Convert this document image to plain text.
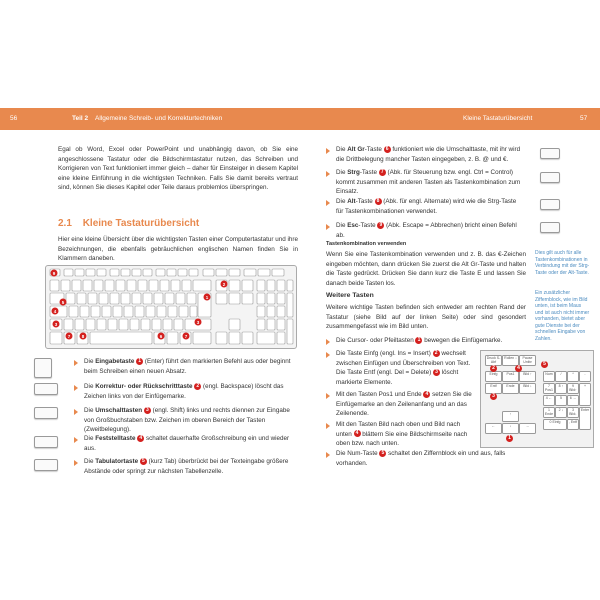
56	Teil 2 Allgemeine Schreib- und Korrekturtechniken	Kleine Tastaturübersicht	57
Egal ob Word, Excel oder PowerPoint und unabhängig davon, ob Sie eine angeschlossene Tastatur oder die Bildschirmtastatur nutzen, das Schreiben und Korrigieren von Text funktioniert immer gleich – daher für Einsteiger in diesem Kapitel eine kleine Einführung in die wichtigsten Techniken. Falls Sie damit bereits vertraut sind, können Sie dieses Kapitel oder Teile daraus problemlos überspringen.
2.1 Kleine Tastaturübersicht
Hier eine kleine Übersicht über die wichtigsten Tasten einer Computertastatur und ihre Bezeichnungen, die ebenfalls gebräuchlichen englischen Namen finden Sie in Klammern daneben.
9
2
1
5
4
3
3
7	8	6	7
Die Eingabetaste 1 (Enter) führt den markierten Befehl aus oder beginnt beim Schreiben einen neuen Absatz.
Die Korrektur- oder Rückschritttaste 2 (engl. Backspace) löscht das Zeichen links von der Einfügemarke.
Die Umschalttasten 3 (engl. Shift) links und rechts diennen zur Eingabe von Großbuchstaben bzw. Zeichen im oberen Bereich der Tasten (Zweitbelegung).
Die Feststelltaste 4 schaltet dauerhafte Großschreibung ein und wieder aus.
Die Tabulatortaste 5 (kurz Tab) überbrückt bei der Texteingabe größere Abstände oder springt zur nächsten Tabellenzelle.
Die Alt Gr-Taste 6 funktioniert wie die Umschalttaste, mit ihr wird die Drittbelegung mancher Tasten eingegeben, z. B. @ und €.
Die Strg-Taste 7 (Abk. für Steuerung bzw. engl. Ctrl = Control) kommt zusammen mit anderen Tasten als Tastenkombination zum Einsatz.
Die Alt-Taste 8 (Abk. für engl. Alternate) wird wie die Strg-Taste für Tastenkombinationen verwendet.
Die Esc-Taste 9 (Abk. Escape = Abbrechen) bricht einen Befehl ab.
Tastenkombination verwenden
Wenn Sie eine Tastenkombination verwenden und z. B. das €-Zeichen eingeben möchten, dann drücken Sie zuerst die Alt Gr-Taste und halten die Taste gedrückt. Drücken Sie dann kurz die Taste E und lassen Sie danach beide Tasten los.
Dies gilt auch für alle Tastenkombinationen in Verbindung mit der Strg-Taste oder der Alt-Taste.
Weitere Tasten
Weitere wichtige Tasten befinden sich entweder am rechten Rand der Tastatur (siehe Bild auf der linken Seite) oder sind gesondert zusammengefasst wie im Bild unten.
Ein zusätzlicher Ziffernblock, wie im Bild unten, ist beim Maus und ist auch nicht immer vorhanden, bietet aber gute Dienste bei der schnellen Eingabe von Zahlen.
Die Cursor- oder Pfeiltasten 1 bewegen die Einfügemarke.
Die Taste Einfg (engl. Ins = Insert) 2 wechselt zwischen Einfügen und Überschreiben von Text. Die Taste Entf (engl. Del = Delete) 3 löscht markierte Elemente.
Mit den Tasten Pos1 und Ende 4 setzen Sie die Einfügemarke an den Zeilenanfang und an das Zeilenende.
Mit den Tasten Bild nach oben und Bild nach unten 4 blättern Sie eine Bildschirmseite nach oben bzw. nach unten.
Die Num-Taste 5 schaltet den Ziffernblock ein und aus, falls vorhanden.
Druck S-Abf
Rollen ↓	Pause Untbr
Einfg	Pos1	Bild ↑
Entf	Ende	Bild ↓
Num	/	*	-
7 Pos1
8 ↑	9 Bild↑
+
4 ←	5	6 →
1 Ende
2 ↓	3 Bild↓
Enter
0 Einfg	, Entf
↑
←	↓	→
2
3
4
5
1
